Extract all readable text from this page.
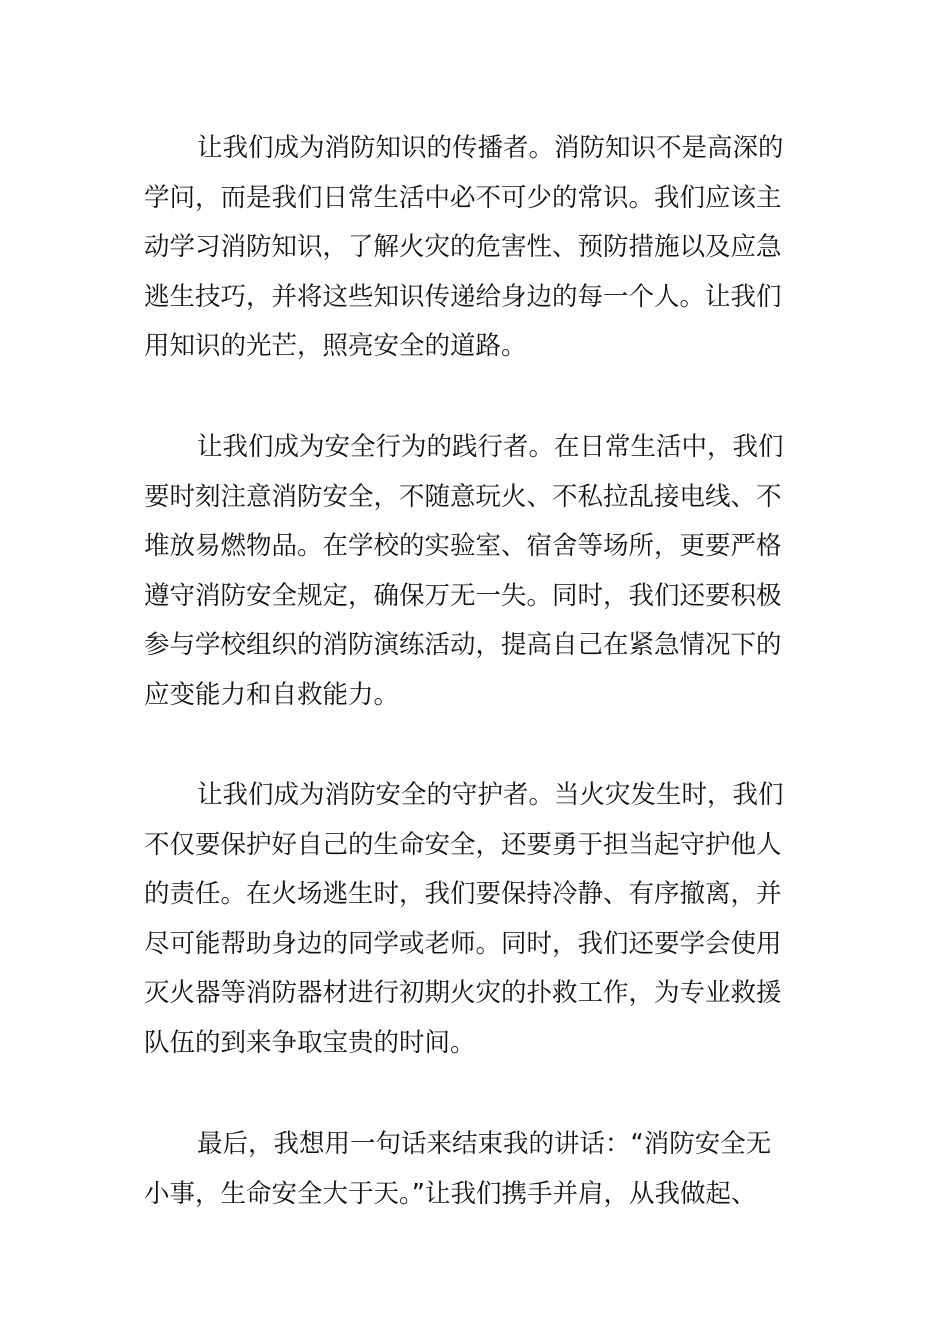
让我们成为消防知识的传播者。消防知识不是高深的
学问，而是我们日常生活中必不可少的常识。我们应该主
动学习消防知识，了解火灾的危害性、预防措施以及应急
逃生技巧，并将这些知识传递给身边的每一个人。让我们
用知识的光芒，照亮安全的道路。
让我们成为安全行为的践行者。在日常生活中，我们
要时刻注意消防安全，不随意玩火、不私拉乱接电线、不
堆放易燃物品。在学校的实验室、宿舍等场所，更要严格
遵守消防安全规定，确保万无一失。同时，我们还要积极
参与学校组织的消防演练活动，提高自己在紧急情况下的
应变能力和自救能力。
让我们成为消防安全的守护者。当火灾发生时，我们
不仅要保护好自己的生命安全，还要勇于担当起守护他人
的责任。在火场逃生时，我们要保持冷静、有序撤离，并
尽可能帮助身边的同学或老师。同时，我们还要学会使用
灭火器等消防器材进行初期火灾的扑救工作，为专业救援
队伍的到来争取宝贵的时间。
最后，我想用一句话来结束我的讲话：“消防安全无
小事，生命安全大于天。”让我们携手并肩，从我做起、
